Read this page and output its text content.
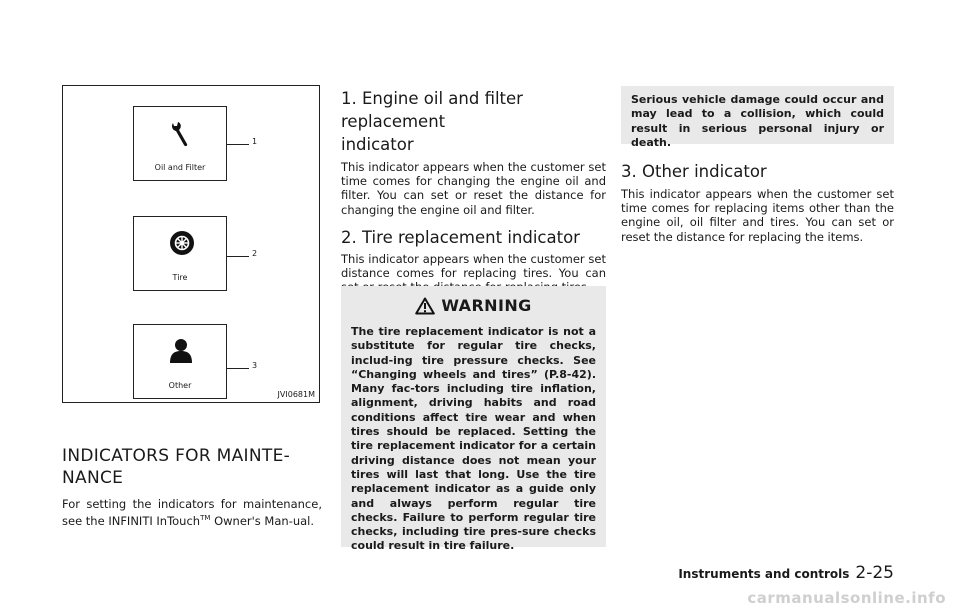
Oil and Filter
1
Tire
2
Other
3
JVI0681M
INDICATORS FOR MAINTE-
NANCE

For setting the indicators for maintenance, see the INFINITI InTouch™ Owner's Man-ual.

1. Engine oil and filter replacement
indicator

This indicator appears when the customer set time comes for changing the engine oil and filter. You can set or reset the distance for changing the engine oil and filter.

2. Tire replacement indicator

This indicator appears when the customer set distance comes for replacing tires. You can

WARNING

The tire replacement indicator is not a substitute for regular tire checks, includ-ing tire pressure checks. See “Changing wheels and tires” (P.8-42). Many fac-tors including tire inflation, alignment, driving habits and road conditions affect tire wear and when tires should be replaced. Setting the tire replacement indicator for a certain driving distance does not mean your tires will last that long. Use the tire replacement indicator as a guide only and always perform regular tire checks. Failure to perform regular tire checks, including tire pres-sure checks could result in tire failure.

Serious vehicle damage could occur and may lead to a collision, which could result in serious personal injury or death.

3. Other indicator

This indicator appears when the customer set time comes for replacing items other than the engine oil, oil filter and tires. You can set or reset the distance for replacing the items.

Instruments and controls 2-25
carmanualsonline.info
